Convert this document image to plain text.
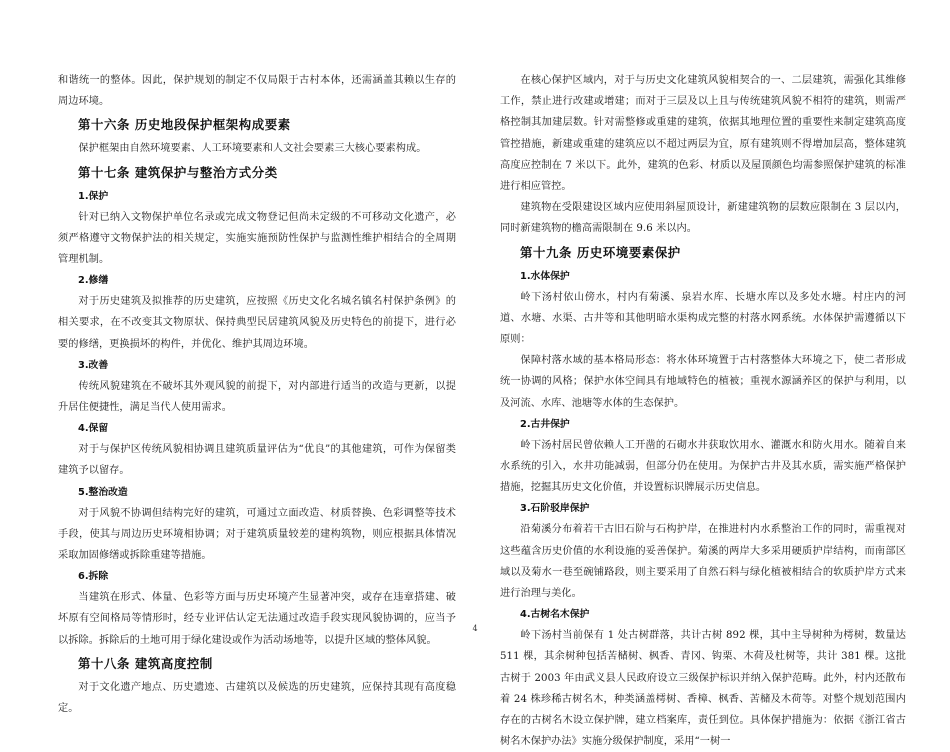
和谐统一的整体。因此，保护规划的制定不仅局限于古村本体，还需涵盖其赖以生存的周边环境。

第十六条 历史地段保护框架构成要素

保护框架由自然环境要素、人工环境要素和人文社会要素三大核心要素构成。

第十七条 建筑保护与整治方式分类
1.保护

针对已纳入文物保护单位名录或完成文物登记但尚未定级的不可移动文化遗产，必须严格遵守文物保护法的相关规定，实施实施预防性保护与监测性维护相结合的全周期管理机制。

2.修缮

对于历史建筑及拟推荐的历史建筑，应按照《历史文化名城名镇名村保护条例》的相关要求，在不改变其文物原状、保持典型民居建筑风貌及历史特色的前提下，进行必要的修缮，更换损坏的构件，并优化、维护其周边环境。

3.改善

传统风貌建筑在不破坏其外观风貌的前提下，对内部进行适当的改造与更新，以提升居住便捷性，满足当代人使用需求。

4.保留

对于与保护区传统风貌相协调且建筑质量评估为“优良”的其他建筑，可作为保留类建筑予以留存。

5.整治改造

对于风貌不协调但结构完好的建筑，可通过立面改造、材质替换、色彩调整等技术手段，使其与周边历史环境相协调；对于建筑质量较差的建构筑物，则应根据具体情况采取加固修缮或拆除重建等措施。

6.拆除

当建筑在形式、体量、色彩等方面与历史环境产生显著冲突，或存在违章搭建、破坏原有空间格局等情形时，经专业评估认定无法通过改造手段实现风貌协调的，应当予以拆除。拆除后的土地可用于绿化建设或作为活动场地等，以提升区域的整体风貌。

第十八条 建筑高度控制

对于文化遗产地点、历史遗迹、古建筑以及候选的历史建筑，应保持其现有高度稳定。

在核心保护区域内，对于与历史文化建筑风貌相契合的一、二层建筑，需强化其维修工作，禁止进行改建或增建；而对于三层及以上且与传统建筑风貌不相符的建筑，则需严格控制其加建层数。针对需整修或重建的建筑，依据其地理位置的重要性来制定建筑高度管控措施，新建或重建的建筑应以不超过两层为宜，原有建筑则不得增加层高，整体建筑高度应控制在 7 米以下。此外，建筑的色彩、材质以及屋顶颜色均需参照保护建筑的标准进行相应管控。

建筑物在受限建设区域内应使用斜屋顶设计，新建建筑物的层数应限制在 3 层以内，同时新建筑物的檐高需限制在 9.6 米以内。

第十九条 历史环境要素保护
1.水体保护

岭下汤村依山傍水，村内有菊溪、泉岩水库、长塘水库以及多处水塘。村庄内的河道、水塘、水渠、古井等和其他明暗水渠构成完整的村落水网系统。水体保护需遵循以下原则：

保障村落水域的基本格局形态：将水体环境置于古村落整体大环境之下，使二者形成统一协调的风格；保护水体空间具有地域特色的植被；重视水源涵养区的保护与利用，以及河流、水库、池塘等水体的生态保护。

2.古井保护

岭下汤村居民曾依赖人工开凿的石砌水井获取饮用水、灌溉水和防火用水。随着自来水系统的引入，水井功能减弱，但部分仍在使用。为保护古井及其水质，需实施严格保护措施，挖掘其历史文化价值，并设置标识牌展示历史信息。

3.石阶驳岸保护

沿菊溪分布着若干古旧石阶与石构护岸，在推进村内水系整治工作的同时，需重视对这些蕴含历史价值的水利设施的妥善保护。菊溪的两岸大多采用硬质护岸结构，而南部区域以及菊水一巷至碗铺路段，则主要采用了自然石料与绿化植被相结合的软质护岸方式来进行治理与美化。

4.古树名木保护

岭下汤村当前保有 1 处古树群落，共计古树 892 棵，其中主导树种为樗树，数量达 511 棵，其余树种包括苦槠树、枫香、青冈、钩栗、木荷及杜树等，共计 381 棵。这批古树于 2003 年由武义县人民政府设立三级保护标识并纳入保护范畴。此外，村内还散布着 24 株珍稀古树名木，种类涵盖樗树、香樟、枫香、苦槠及木荷等。对整个规划范围内存在的古树名木设立保护牌，建立档案库，责任到位。具体保护措施为：依据《浙江省古树名木保护办法》实施分级保护制度，采用“一树一

4
